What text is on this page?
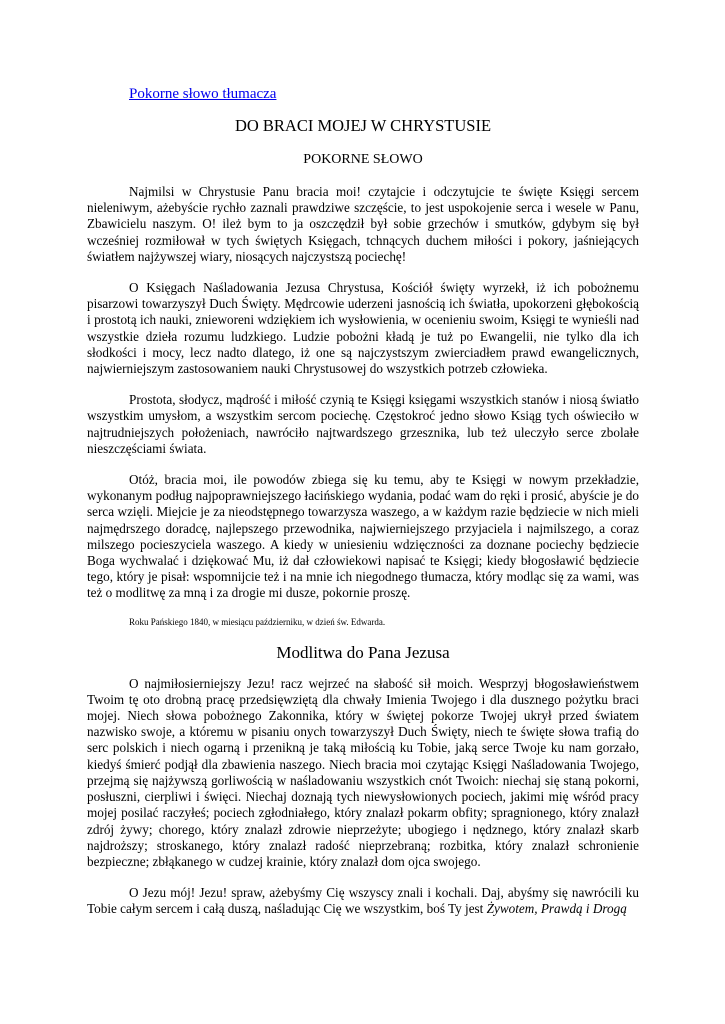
Pokorne słowo tłumacza
DO BRACI MOJEJ W CHRYSTUSIE
POKORNE SŁOWO

Najmilsi w Chrystusie Panu bracia moi! czytajcie i odczytujcie te święte Księgi sercem nieleniwym, ażebyście rychło zaznali prawdziwe szczęście, to jest uspokojenie serca i wesele w Panu, Zbawicielu naszym. O! ileż bym to ja oszczędził był sobie grzechów i smutków, gdybym się był wcześniej rozmiłował w tych świętych Księgach, tchnących duchem miłości i pokory, jaśniejących światłem najżywszej wiary, niosących najczystszą pociechę!

O Księgach Naśladowania Jezusa Chrystusa, Kościół święty wyrzekł, iż ich pobożnemu pisarzowi towarzyszył Duch Święty. Mędrcowie uderzeni jasnością ich światła, upokorzeni głębokością i prostotą ich nauki, znieworeni wdziękiem ich wysłowienia, w ocenieniu swoim, Księgi te wynieśli nad wszystkie dzieła rozumu ludzkiego. Ludzie pobożni kładą je tuż po Ewangelii, nie tylko dla ich słodkości i mocy, lecz nadto dlatego, iż one są najczystszym zwierciadłem prawd ewangelicznych, najwierniejszym zastosowaniem nauki Chrystusowej do wszystkich potrzeb człowieka.

Prostota, słodycz, mądrość i miłość czynią te Księgi księgami wszystkich stanów i niosą światło wszystkim umysłom, a wszystkim sercom pociechę. Częstokroć jedno słowo Ksiąg tych oświeciło w najtrudniejszych położeniach, nawróciło najtwardszego grzesznika, lub też uleczyło serce zbolałe nieszczęściami świata.

Otóż, bracia moi, ile powodów zbiega się ku temu, aby te Księgi w nowym przekładzie, wykonanym podług najpoprawniejszego łacińskiego wydania, podać wam do ręki i prosić, abyście je do serca wzięli. Miejcie je za nieodstępnego towarzysza waszego, a w każdym razie będziecie w nich mieli najmędrszego doradcę, najlepszego przewodnika, najwierniejszego przyjaciela i najmilszego, a coraz milszego pocieszyciela waszego. A kiedy w uniesieniu wdzięczności za doznane pociechy będziecie Boga wychwalać i dziękować Mu, iż dał człowiekowi napisać te Księgi; kiedy błogosławić będziecie tego, który je pisał: wspomnijcie też i na mnie ich niegodnego tłumacza, który modląc się za wami, was też o modlitwę za mną i za drogie mi dusze, pokornie proszę.

Roku Pańskiego 1840, w miesiącu październiku, w dzień św. Edwarda.

Modlitwa do Pana Jezusa

O najmiłosierniejszy Jezu! racz wejrzeć na słabość sił moich. Wesprzyj błogosławieństwem Twoim tę oto drobną pracę przedsięwziętą dla chwały Imienia Twojego i dla dusznego pożytku braci mojej. Niech słowa pobożnego Zakonnika, który w świętej pokorze Twojej ukrył przed światem nazwisko swoje, a któremu w pisaniu onych towarzyszył Duch Święty, niech te święte słowa trafią do serc polskich i niech ogarną i przenikną je taką miłością ku Tobie, jaką serce Twoje ku nam gorzało, kiedyś śmierć podjął dla zbawienia naszego. Niech bracia moi czytając Księgi Naśladowania Twojego, przejmą się najżywszą gorliwością w naśladowaniu wszystkich cnót Twoich: niechaj się staną pokorni, posłuszni, cierpliwi i święci. Niechaj doznają tych niewysłowionych pociech, jakimi mię wśród pracy mojej posilać raczyłeś; pociech zgłodniałego, który znalazł pokarm obfity; spragnionego, który znalazł zdrój żywy; chorego, który znalazł zdrowie nieprzeżyte; ubogiego i nędznego, który znalazł skarb najdroższy; stroskanego, który znalazł radość nieprzebraną; rozbitka, który znalazł schronienie bezpieczne; zbłąkanego w cudzej krainie, który znalazł dom ojca swojego.

O Jezu mój! Jezu! spraw, ażebyśmy Cię wszyscy znali i kochali. Daj, abyśmy się nawrócili ku Tobie całym sercem i całą duszą, naśladując Cię we wszystkim, boś Ty jest Żywotem, Prawdą i Drogą
